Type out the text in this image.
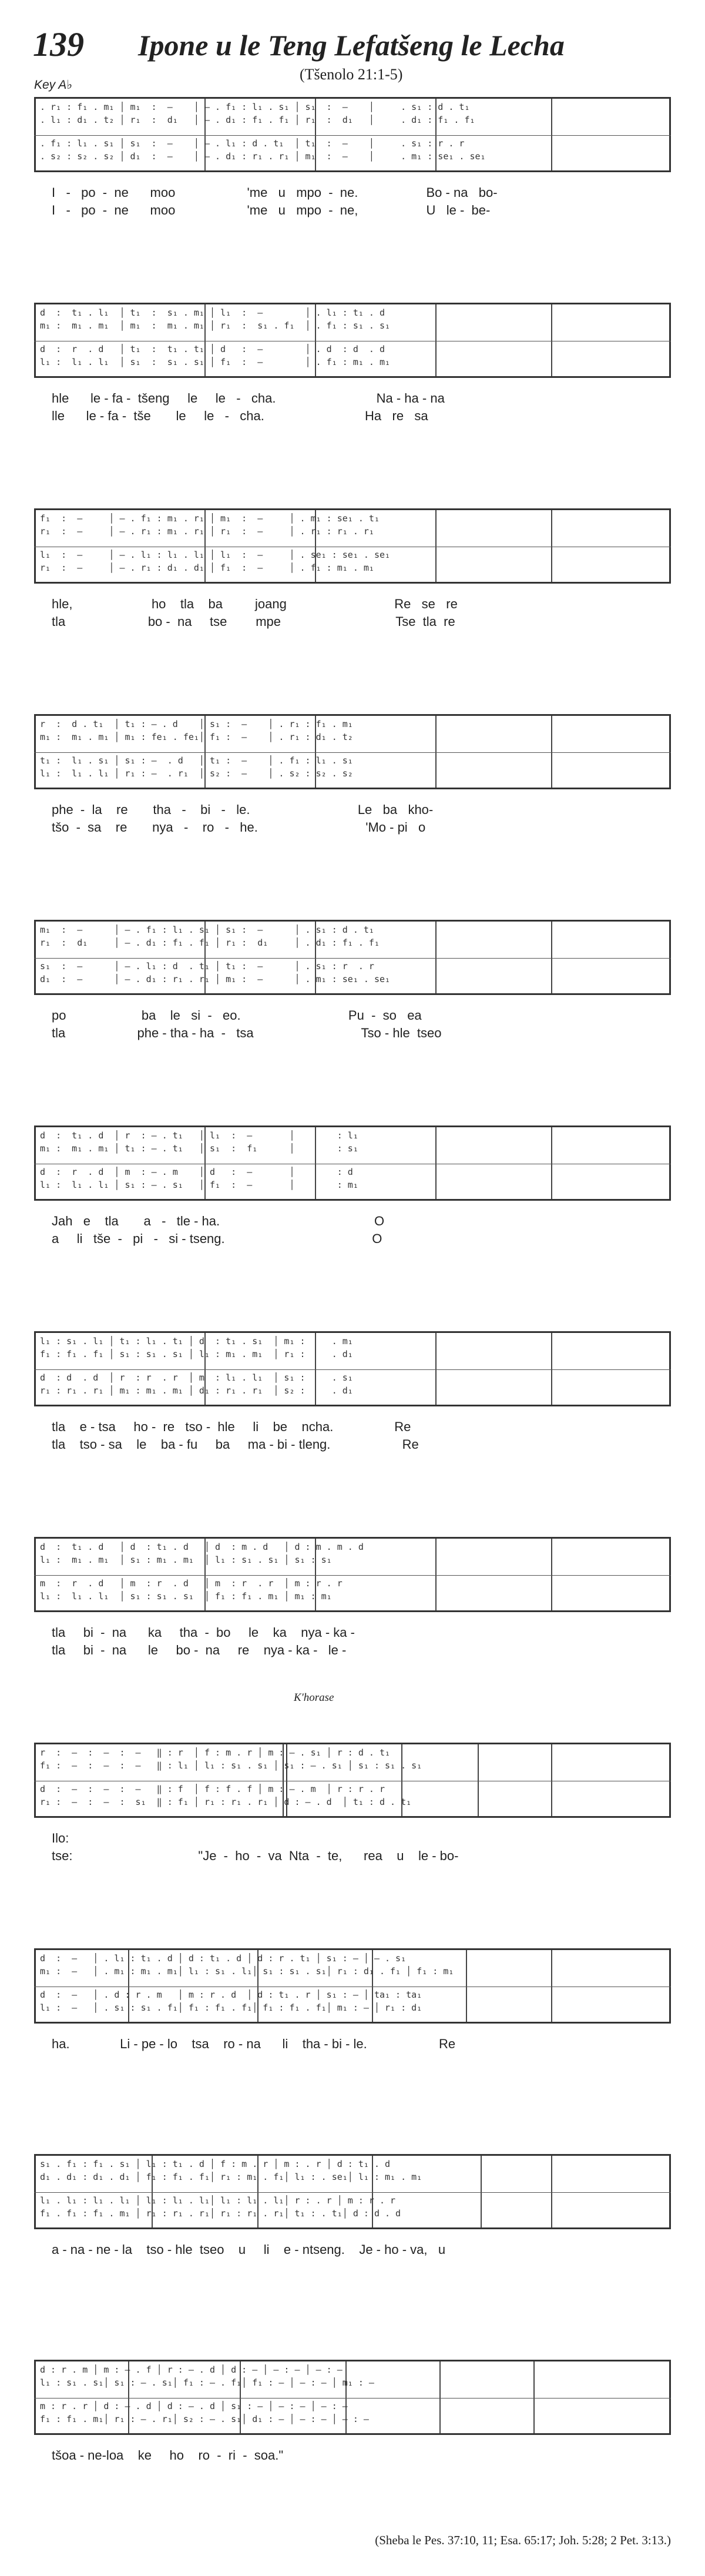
139 Ipone u le Teng Lefatšeng le Lecha
(Tšenolo 21:1-5)
Key A♭
K'horase
. r₁ : f₁ . m₁ │ m₁  :  —    │ – . f₁ : l₁ . s₁ │ s₁  :  —    │     . s₁ : d . t₁
. l₁ : d₁ . t₂ │ r₁  :  d₁   │ – . d₁ : f₁ . f₁ │ r₁  :  d₁   │     . d₁ : f₁ . f₁
. f₁ : l₁ . s₁ │ s₁  :  —    │ – . l₁ : d . t₁  │ t₁  :  —    │     . s₁ : r . r
. s₂ : s₂ . s₂ │ d₁  :  —    │ – . d₁ : r₁ . r₁ │ m₁  :  —    │     . m₁ : se₁ . se₁
I   -   po  -  ne      moo                    'me   u   mpo  -  ne.                   Bo - na   bo-
I   -   po  -  ne      moo                    'me   u   mpo  -  ne,                   U   le -  be-
d  :  t₁ . l₁  │ t₁  :  s₁ . m₁ │ l₁  :  —        │ . l₁ : t₁ . d
m₁ :  m₁ . m₁  │ m₁  :  m₁ . m₁ │ r₁  :  s₁ . f₁  │ . f₁ : s₁ . s₁
d  :  r  . d   │ t₁  :  t₁ . t₁ │ d   :  —        │ . d  : d  . d
l₁ :  l₁ . l₁  │ s₁  :  s₁ . s₁ │ f₁  :  —        │ . f₁ : m₁ . m₁
hle      le - fa -  tšeng     le     le   -   cha.                            Na - ha - na
lle      le - fa -  tše       le     le   -   cha.                            Ha   re   sa
f₁  :  —     │ – . f₁ : m₁ . r₁ │ m₁  :  —     │ . m₁ : se₁ . t₁
r₁  :  —     │ – . r₁ : m₁ . r₁ │ r₁  :  —     │ . r₁ : r₁ . r₁
l₁  :  —     │ – . l₁ : l₁ . l₁ │ l₁  :  —     │ . se₁ : se₁ . se₁
r₁  :  —     │ – . r₁ : d₁ . d₁ │ f₁  :  —     │ . f₁ : m₁ . m₁
hle,                      ho    tla    ba         joang                              Re   se   re
tla                       bo -  na     tse        mpe                                Tse  tla  re
r  :  d . t₁  │ t₁ : – . d    │ s₁ :  —    │ . r₁ : f₁ . m₁
m₁ :  m₁ . m₁ │ m₁ : fe₁ . fe₁│ f₁ :  —    │ . r₁ : d₁ . t₂
t₁ :  l₁ . s₁ │ s₁ : –  . d   │ t₁ :  —    │ . f₁ : l₁ . s₁
l₁ :  l₁ . l₁ │ r₁ : –  . r₁  │ s₂ :  —    │ . s₂ : s₂ . s₂
phe  -  la    re       tha   -    bi   -   le.                              Le   ba   kho-
tšo  -  sa    re       nya   -    ro   -   he.                              'Mo - pi   o
m₁  :  —      │ – . f₁ : l₁ . s₁ │ s₁ :  —      │ . s₁ : d . t₁
r₁  :  d₁     │ – . d₁ : f₁ . f₁ │ r₁ :  d₁     │ . d₁ : f₁ . f₁
s₁  :  —      │ – . l₁ : d  . t₁ │ t₁ :  —      │ . s₁ : r  . r
d₁  :  —      │ – . d₁ : r₁ . r₁ │ m₁ :  —      │ . m₁ : se₁ . se₁
po                     ba    le   si  -   eo.                              Pu  -  so   ea
tla                    phe - tha - ha  -   tsa                              Tso - hle  tseo
d  :  t₁ . d  │ r  : – . t₁   │ l₁  :  —       │        : l₁
m₁ :  m₁ . m₁ │ t₁ : – . t₁   │ s₁  :  f₁      │        : s₁
d  :  r  . d  │ m  : – . m    │ d   :  —       │        : d
l₁ :  l₁ . l₁ │ s₁ : – . s₁   │ f₁  :  —       │        : m₁
Jah   e    tla       a   -   tle - ha.                                           O
a     li   tše  -   pi   -   si - tseng.                                         O
l₁ : s₁ . l₁ │ t₁ : l₁ . t₁ │ d  : t₁ . s₁  │ m₁ :     . m₁
f₁ : f₁ . f₁ │ s₁ : s₁ . s₁ │ l₁ : m₁ . m₁  │ r₁ :     . d₁
d  : d  . d  │ r  : r  . r  │ m  : l₁ . l₁  │ s₁ :     . s₁
r₁ : r₁ . r₁ │ m₁ : m₁ . m₁ │ d₁ : r₁ . r₁  │ s₂ :     . d₁
tla    e - tsa     ho -  re   tso -  hle     li    be    ncha.                 Re
tla    tso - sa    le    ba - fu     ba     ma - bi - tleng.                    Re
d  :  t₁ . d   │ d  : t₁ . d   │ d  : m . d   │ d : m . m . d
l₁ :  m₁ . m₁  │ s₁ : m₁ . m₁  │ l₁ : s₁ . s₁ │ s₁ : s₁
m  :  r  . d   │ m  : r  . d   │ m  : r  . r  │ m : r . r
l₁ :  l₁ . l₁  │ s₁ : s₁ . s₁  │ f₁ : f₁ . m₁ │ m₁ : m₁
tla     bi  -  na      ka     tha  -  bo     le    ka    nya - ka -
tla     bi  -  na      le     bo -  na     re    nya - ka -   le -
r  :  —  :  —  :  —   ‖ : r  │ f : m . r │ m : – . s₁ │ r : d . t₁
f₁ :  —  :  —  :  —   ‖ : l₁ │ l₁ : s₁ . s₁ │ s₁ : – . s₁ │ s₁ : s₁ . s₁
d  :  —  :  —  :  —   ‖ : f  │ f : f . f │ m : – . m  │ r : r . r
r₁ :  —  :  —  :  s₁  ‖ : f₁ │ r₁ : r₁ . r₁ │ d : – . d  │ t₁ : d . t₁
Ilo:
tse:                                   "Je  -  ho  -  va  Nta  -  te,      rea    u    le - bo-
d  :  —   │ . l₁ : t₁ . d │ d : t₁ . d │ d : r . t₁ │ s₁ : — │ – . s₁
m₁ :  —   │ . m₁ : m₁ . m₁│ l₁ : s₁ . l₁│ s₁ : s₁ . s₁│ r₁ : d₁ . f₁ │ f₁ : m₁
d  :  —   │ . d : r . m   │ m : r . d  │ d : t₁ . r │ s₁ : — │ ta₁ : ta₁
l₁ :  —   │ . s₁ : s₁ . f₁│ f₁ : f₁ . f₁│ f₁ : f₁ . f₁│ m₁ : — │ r₁ : d₁
ha.              Li - pe - lo    tsa    ro - na      li    tha - bi - le.                    Re
s₁ . f₁ : f₁ . s₁ │ l₁ : t₁ . d │ f : m . r │ m : . r │ d : t₁ . d
d₁ . d₁ : d₁ . d₁ │ f₁ : f₁ . f₁│ r₁ : m₁ . f₁│ l₁ : . se₁│ l₁ : m₁ . m₁
l₁ . l₁ : l₁ . l₁ │ l₁ : l₁ . l₁│ l₁ : l₁ . l₁│ r : . r │ m : r . r
f₁ . f₁ : f₁ . m₁ │ r₁ : r₁ . r₁│ r₁ : r₁ . r₁│ t₁ : . t₁│ d : d . d
a - na - ne - la    tso - hle  tseo    u     li    e - ntseng.    Je - ho - va,   u
d : r . m │ m : – . f │ r : – . d │ d : — │ — : — │ — : —
l₁ : s₁ . s₁│ s₁ : – . s₁│ f₁ : – . f₁│ f₁ : — │ — : — │ m₁ : —
m : r . r │ d : – . d │ d : – . d │ s₁ : — │ — : — │ — : —
f₁ : f₁ . m₁│ r₁ : – . r₁│ s₂ : – . s₁│ d₁ : — │ — : — │ — : —
tšoa - ne-loa    ke     ho    ro  -  ri  -  soa."
(Sheba le Pes. 37:10, 11; Esa. 65:17; Joh. 5:28; 2 Pet. 3:13.)
